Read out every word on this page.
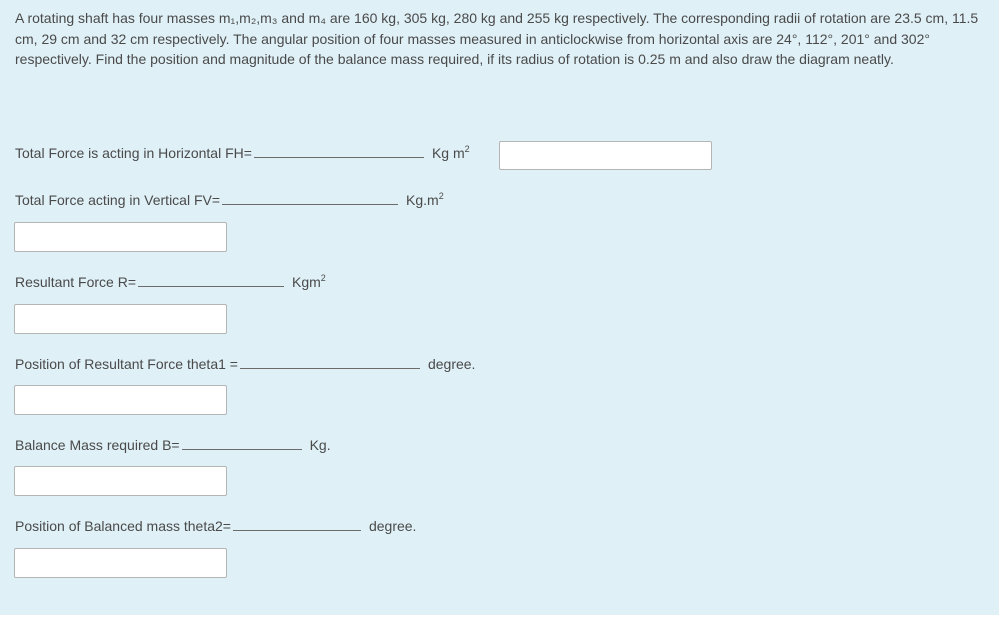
A rotating shaft has four masses m₁,m₂,m₃ and m₄ are 160 kg, 305 kg, 280 kg and 255 kg respectively. The corresponding radii of rotation are 23.5 cm, 11.5 cm, 29 cm and 32 cm respectively. The angular position of four masses measured in anticlockwise from horizontal axis are 24°, 112°, 201° and 302° respectively. Find the position and magnitude of the balance mass required, if its radius of rotation is 0.25 m and also draw the diagram neatly.

Total Force is acting in Horizontal FH=	Kg $m^2$
Total Force acting in Vertical FV=	$Kg.m^2$
Resultant Force R=	Kgm$^2$
Position of Resultant Force theta1 =	degree.
Balance Mass required B=	Kg.
Position of Balanced mass theta2=	degree.
